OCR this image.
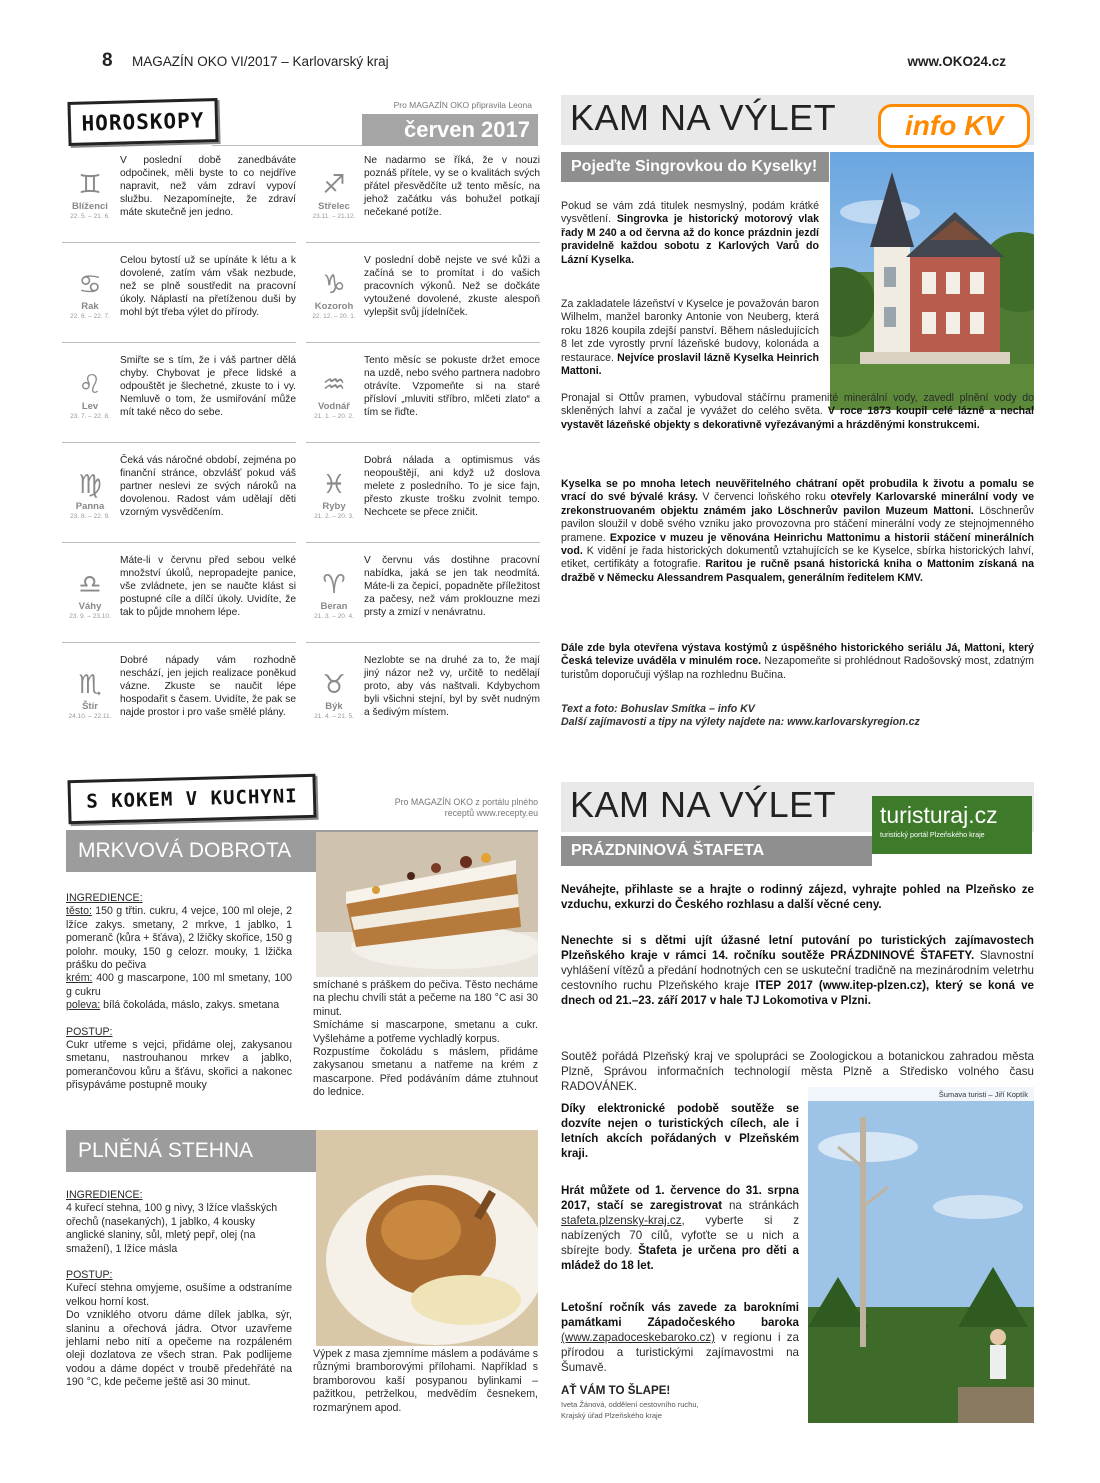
8 MAGAZÍN OKO VI/2017 – Karlovarský kraj	www.OKO24.cz
HOROSKOPY
Pro MAGAZÍN OKO připravila Leona
červen 2017
♊
Blíženci
22. 5. – 21. 6.
V poslední době zanedbáváte odpočinek, měli byste to co nejdříve napravit, než vám zdraví vypoví službu. Nezapomínejte, že zdraví máte skutečně jen jedno.
♋
Rak
22. 6. – 22. 7.
Celou bytostí už se upínáte k létu a k dovolené, zatím vám však nezbude, než se plně soustředit na pracovní úkoly. Náplastí na přetíženou duši by mohl být třeba výlet do přírody.
♌
Lev
23. 7. – 22. 8.
Smiřte se s tím, že i váš partner dělá chyby. Chybovat je přece lidské a odpouštět je šlechetné, zkuste to i vy. Nemluvě o tom, že usmiřování může mít také něco do sebe.
♍
Panna
23. 8. – 22. 9.
Čeká vás náročné období, zejména po finanční stránce, obzvlášť pokud váš partner neslevi ze svých nároků na dovolenou. Radost vám udělají děti vzorným vysvědčením.
♎
Váhy
23. 9. – 23.10.
Máte-li v červnu před sebou velké množství úkolů, nepropadejte panice, vše zvládnete, jen se naučte klást si postupné cíle a dílčí úkoly. Uvidíte, že tak to půjde mnohem lépe.
♏
Štír
24.10. – 22.11.
Dobré nápady vám rozhodně neschází, jen jejich realizace poněkud vázne. Zkuste se naučit lépe hospodařit s časem. Uvidíte, že pak se najde prostor i pro vaše smělé plány.
♐
Střelec
23.11. – 21.12.
Ne nadarmo se říká, že v nouzi poznáš přítele, vy se o kvalitách svých přátel přesvědčíte už tento měsíc, na jehož začátku vás bohužel potkají nečekané potíže.
♑
Kozoroh
22. 12. – 20. 1.
V poslední době nejste ve své kůži a začíná se to promítat i do vašich pracovních výkonů. Než se dočkáte vytoužené dovolené, zkuste alespoň vylepšit svůj jídelníček.
♒
Vodnář
21. 1. – 20. 2.
Tento měsíc se pokuste držet emoce na uzdě, nebo svého partnera nadobro otrávíte. Vzpomeňte si na staré přísloví „mluviti stříbro, mlčeti zlato“ a tím se řiďte.
♓
Ryby
21. 2. – 20. 3.
Dobrá nálada a optimismus vás neopouštějí, ani když už doslova melete z posledního. To je sice fajn, přesto zkuste trošku zvolnit tempo. Nechcete se přece zničit.
♈
Beran
21. 3. – 20. 4.
V červnu vás dostihne pracovní nabídka, jaká se jen tak neodmítá. Máte-li za čepicí, popadněte příležitost za pačesy, než vám proklouzne mezi prsty a zmizí v nenávratnu.
♉
Býk
21. 4. – 21. 5.
Nezlobte se na druhé za to, že mají jiný názor než vy, určitě to nedělají proto, aby vás naštvali. Kdybychom byli všichni stejní, byl by svět nudným a šedivým místem.
KAM NA VÝLET	info KV
Pojeďte Singrovkou do Kyselky!
Pokud se vám zdá titulek nesmyslný, podám krátké vysvětlení. Singrovka je historický motorový vlak řady M 240 a od června až do konce prázdnin jezdí pravidelně každou sobotu z Karlových Varů do Lázní Kyselka.
Za zakladatele lázeňství v Kyselce je považován baron Wilhelm, manžel baronky Antonie von Neuberg, která roku 1826 koupila zdejší panství. Během následujících 8 let zde vyrostly první lázeňské budovy, kolonáda a restaurace. Nejvíce proslavil lázně Kyselka Heinrich Mattoni.
Pronajal si Ottův pramen, vybudoval stáčírnu pramenité minerální vody, zavedl plnění vody do skleněných lahví a začal je vyvážet do celého světa. V roce 1873 koupil celé lázně a nechal vystavět lázeňské objekty s dekorativně vyřezávanými a hrázděnými konstrukcemi.
Kyselka se po mnoha letech neuvěřitelného chátraní opět probudila k životu a pomalu se vrací do své bývalé krásy. V červenci loňského roku otevřely Karlovarské minerální vody ve zrekonstruovaném objektu známém jako Löschnerův pavilon Muzeum Mattoni. Löschnerův pavilon sloužil v době svého vzniku jako provozovna pro stáčení minerální vody ze stejnojmenného pramene. Expozice v muzeu je věnována Heinrichu Mattonimu a historii stáčení minerálních vod. K vidění je řada historických dokumentů vztahujících se ke Kyselce, sbírka historických lahví, etiket, certifikáty a fotografie. Raritou je ručně psaná historická kniha o Mattonim získaná na dražbě v Německu Alessandrem Pasqualem, generálním ředitelem KMV.
Dále zde byla otevřena výstava kostýmů z úspěšného historického seriálu Já, Mattoni, který Česká televize uváděla v minulém roce. Nezapomeňte si prohlédnout Radošovský most, zdatným turistům doporučuji výšlap na rozhlednu Bučina.
Text a foto: Bohuslav Smítka – info KV
Další zajímavosti a tipy na výlety najdete na: www.karlovarskyregion.cz
S KOKEM V KUCHYNI	Pro MAGAZÍN OKO z portálu plného receptů www.recepty.eu
MRKVOVÁ DOBROTA
INGREDIENCE:
těsto: 150 g třtin. cukru, 4 vejce, 100 ml oleje, 2 lžíce zakys. smetany, 2 mrkve, 1 jablko, 1 pomeranč (kůra + šťáva), 2 lžičky skořice, 150 g polohr. mouky, 150 g celozr. mouky, 1 lžička prášku do pečiva
krém: 400 g mascarpone, 100 ml smetany, 100 g cukru
poleva: bílá čokoláda, máslo, zakys. smetana
POSTUP:
Cukr utřeme s vejci, přidáme olej, zakysanou smetanu, nastrouhanou mrkev a jablko, pomerančovou kůru a šťávu, skořici a nakonec přisypáváme postupně mouky
smíchané s práškem do pečiva. Těsto necháme na plechu chvíli stát a pečeme na 180 °C asi 30 minut.
Smícháme si mascarpone, smetanu a cukr. Vyšleháme a potřeme vychladlý korpus.
Rozpustíme čokoládu s máslem, přidáme zakysanou smetanu a natřeme na krém z mascarpone. Před podáváním dáme ztuhnout do lednice.
PLNĚNÁ STEHNA
INGREDIENCE:
4 kuřecí stehna, 100 g nivy, 3 lžíce vlašských ořechů (nasekaných), 1 jablko, 4 kousky anglické slaniny, sůl, mletý pepř, olej (na smažení), 1 lžíce másla
POSTUP:
Kuřecí stehna omyjeme, osušíme a odstraníme velkou horní kost.
Do vzniklého otvoru dáme dílek jablka, sýr, slaninu a ořechová jádra. Otvor uzavřeme jehlami nebo nití a opečeme na rozpáleném oleji dozlatova ze všech stran. Pak podlijeme vodou a dáme dopéct v troubě předehřáté na 190 °C, kde pečeme ještě asi 30 minut.
Výpek z masa zjemníme máslem a podáváme s různými bramborovými přílohami. Například s bramborovou kaší posypanou bylinkami – pažitkou, petrželkou, medvědím česnekem, rozmarýnem apod.
KAM NA VÝLET turisturaj.cz
turistický portál Plzeňského kraje
PRÁZDNINOVÁ ŠTAFETA
Neváhejte, přihlaste se a hrajte o rodinný zájezd, vyhrajte pohled na Plzeňsko ze vzduchu, exkurzi do Českého rozhlasu a další věcné ceny.
Nenechte si s dětmi ujít úžasné letní putování po turistických zajímavostech Plzeňského kraje v rámci 14. ročníku soutěže PRÁZDNINOVÉ ŠTAFETY. Slavnostní vyhlášení vítězů a předání hodnotných cen se uskuteční tradičně na mezinárodním veletrhu cestovního ruchu Plzeňského kraje ITEP 2017 (www.itep-plzen.cz), který se koná ve dnech od 21.–23. září 2017 v hale TJ Lokomotiva v Plzni.
Soutěž pořádá Plzeňský kraj ve spolupráci se Zoologickou a botanickou zahradou města Plzně, Správou informačních technologií města Plzně a Středisko volného času RADOVÁNEK.
Šumava turisti – Jiří Koptík
Díky elektronické podobě soutěže se dozvíte nejen o turistických cílech, ale i letních akcích pořádaných v Plzeňském kraji.
Hrát můžete od 1. července do 31. srpna 2017, stačí se zaregistrovat na stránkách stafeta.plzensky-kraj.cz, vyberte si z nabízených 70 cílů, vyfoťte se u nich a sbírejte body. Štafeta je určena pro děti a mládež do 18 let.
Letošní ročník vás zavede za barokními památkami Západočeského baroka (www.zapadoceskebaroko.cz) v regionu i za přírodou a turistickými zajímavostmi na Šumavě.
AŤ VÁM TO ŠLAPE!
Iveta Žánová, oddělení cestovního ruchu,
Krajský úřad Plzeňského kraje
